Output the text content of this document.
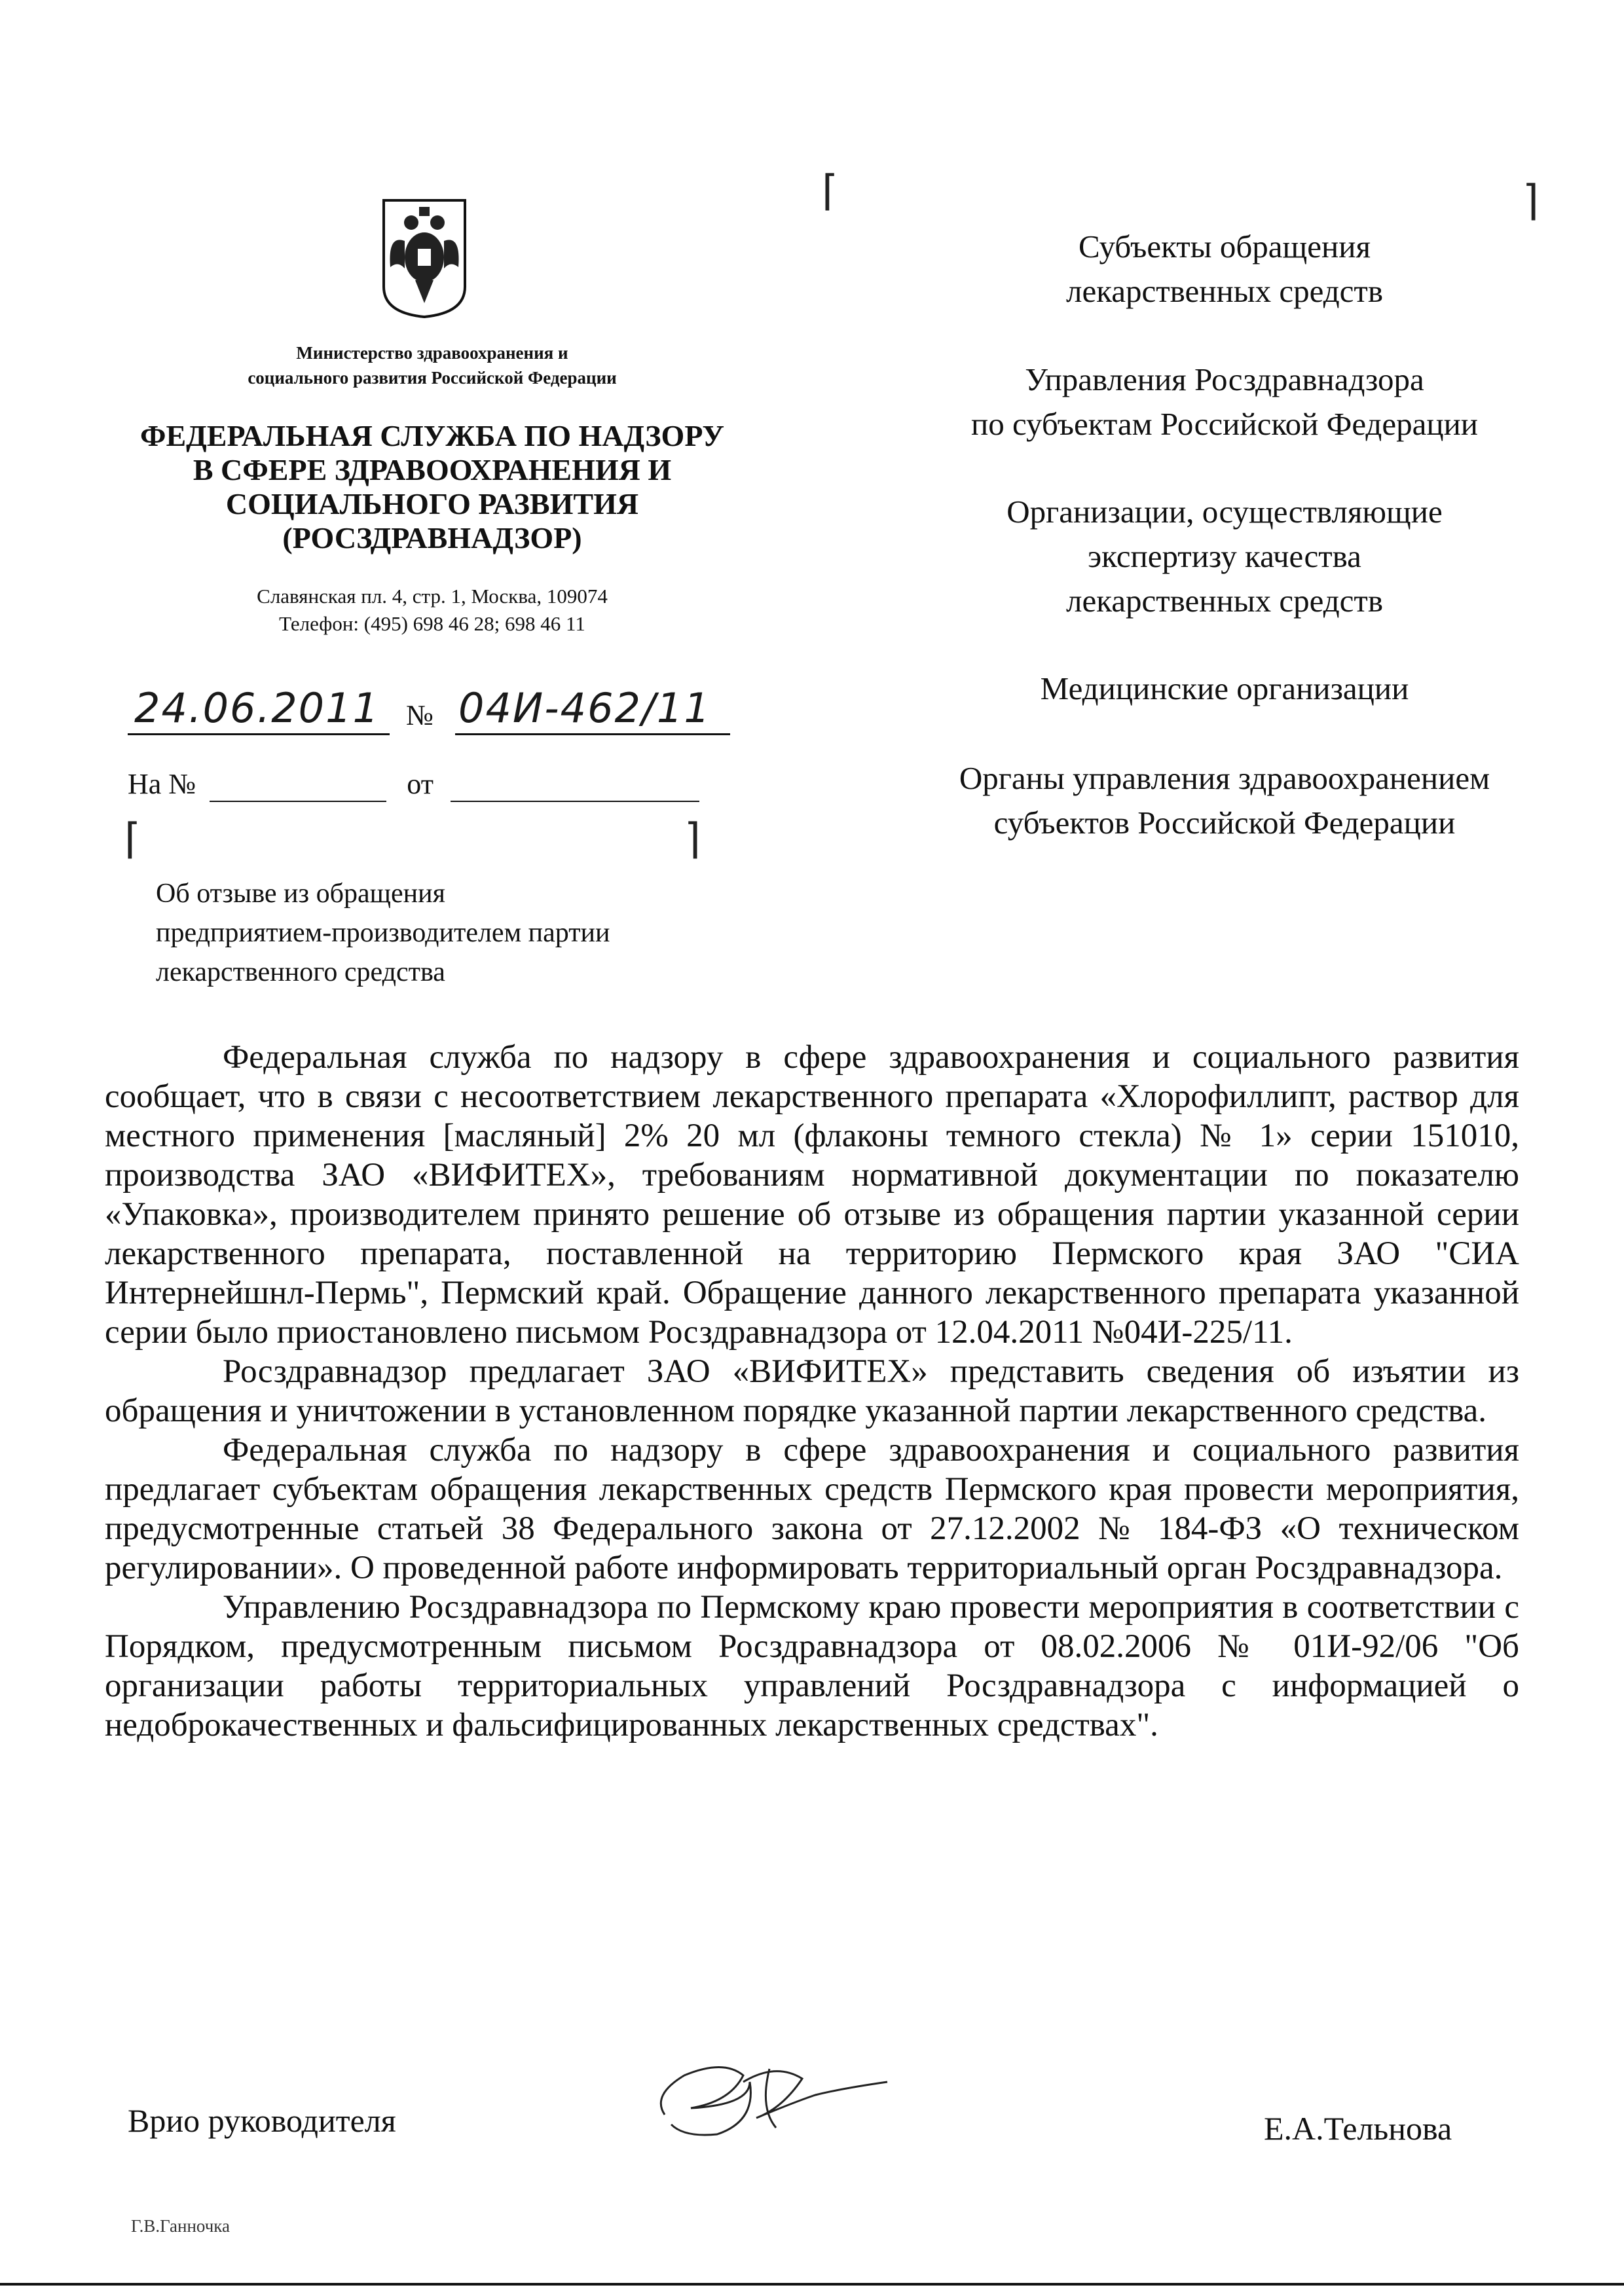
Министерство здравоохранения и
социального развития Российской Федерации
ФЕДЕРАЛЬНАЯ СЛУЖБА ПО НАДЗОРУ
В СФЕРЕ ЗДРАВООХРАНЕНИЯ И
СОЦИАЛЬНОГО РАЗВИТИЯ
(РОСЗДРАВНАДЗОР)
Славянская пл. 4, стр. 1, Москва, 109074
Телефон: (495) 698 46 28; 698 46 11
24.06.2011 № 04И-462/11
На №	от
⌈	⌉
⌈	⌉
Об отзыве из обращения
предприятием-производителем партии
лекарственного средства
Субъекты обращения
лекарственных средств
Управления Росздравнадзора
по субъектам Российской Федерации
Организации, осуществляющие
экспертизу качества
лекарственных средств
Медицинские организации
Органы управления здравоохранением
субъектов Российской Федерации

Федеральная служба по надзору в сфере здравоохранения и социального развития сообщает, что в связи с несоответствием лекарственного препарата «Хлорофиллипт, раствор для местного применения [масляный] 2% 20 мл (флаконы темного стекла) № 1» серии 151010, производства ЗАО «ВИФИТЕХ», требованиям нормативной документации по показателю «Упаковка», производителем принято решение об отзыве из обращения партии указанной серии лекарственного препарата, поставленной на территорию Пермского края ЗАО "СИА Интернейшнл-Пермь", Пермский край. Обращение данного лекарственного препарата указанной серии было приостановлено письмом Росздравнадзора от 12.04.2011 №04И-225/11.

Росздравнадзор предлагает ЗАО «ВИФИТЕХ» представить сведения об изъятии из обращения и уничтожении в установленном порядке указанной партии лекарственного средства.

Федеральная служба по надзору в сфере здравоохранения и социального развития предлагает субъектам обращения лекарственных средств Пермского края провести мероприятия, предусмотренные статьей 38 Федерального закона от 27.12.2002 № 184-ФЗ «О техническом регулировании». О проведенной работе информировать территориальный орган Росздравнадзора.

Управлению Росздравнадзора по Пермскому краю провести мероприятия в соответствии с Порядком, предусмотренным письмом Росздравнадзора от 08.02.2006 № 01И-92/06 "Об организации работы территориальных управлений Росздравнадзора с информацией о недоброкачественных и фальсифицированных лекарственных средствах".

Врио руководителя	Е.А.Тельнова
Г.В.Ганночка
